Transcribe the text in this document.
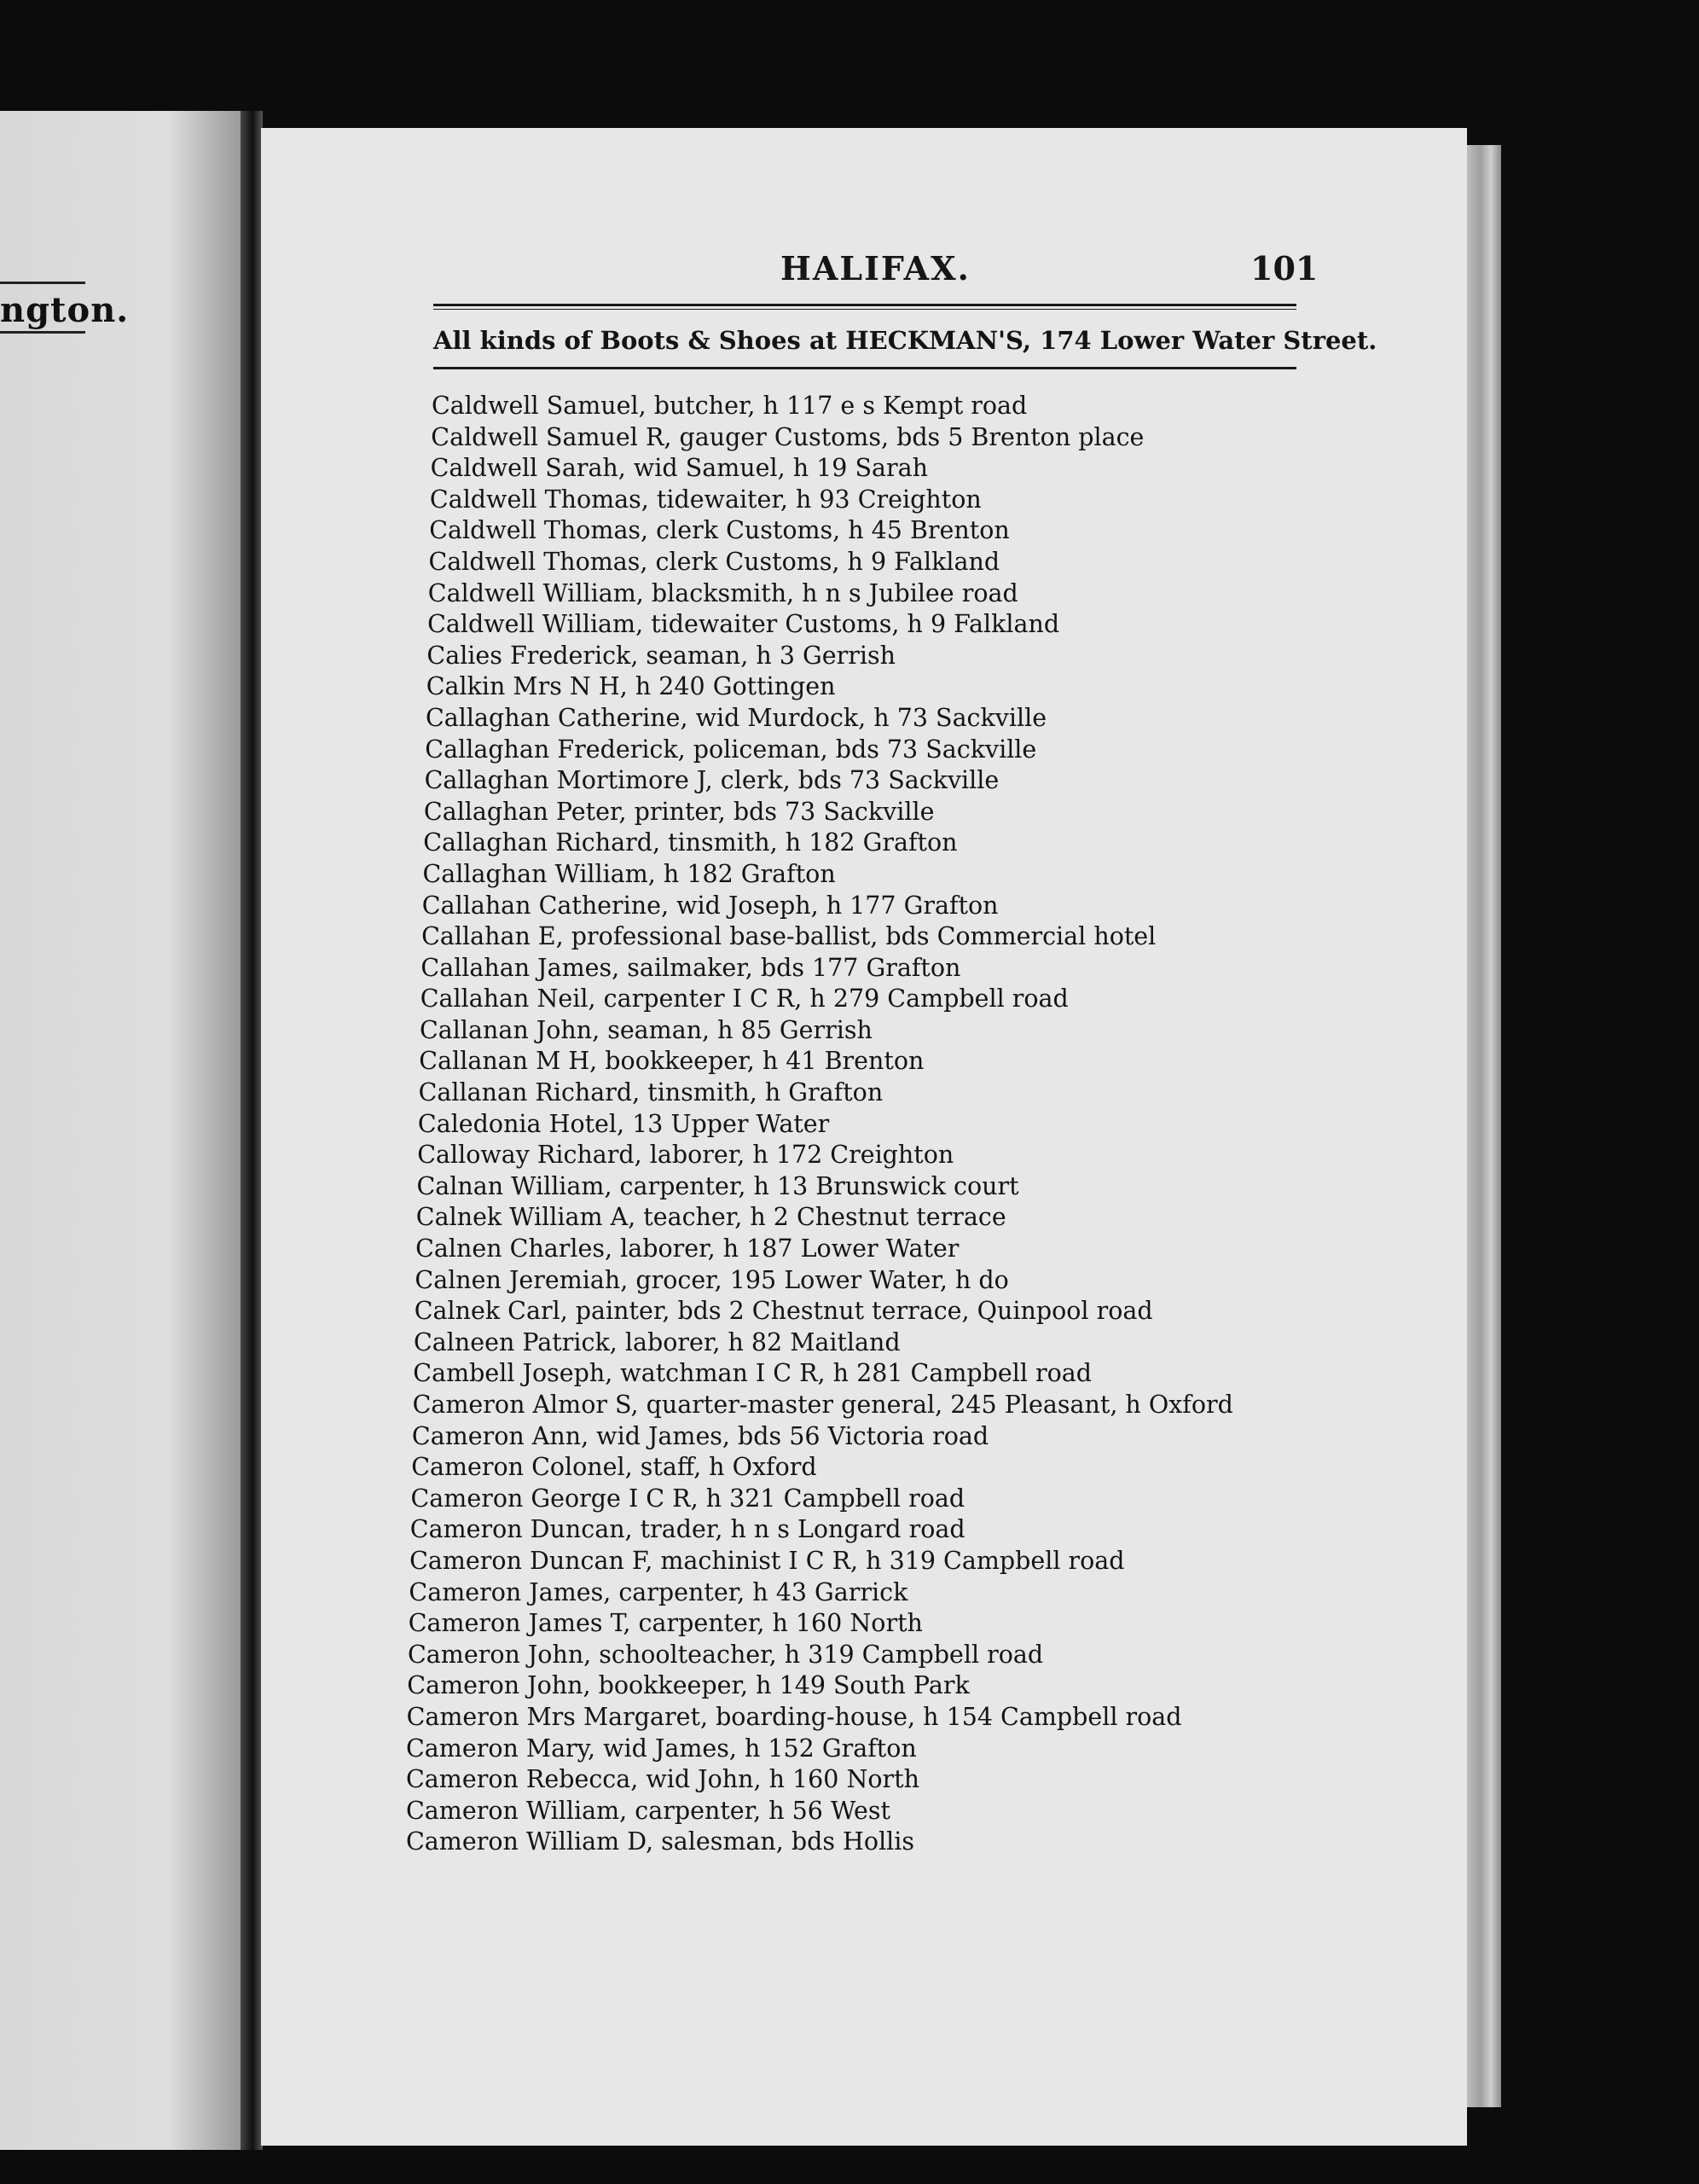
ngton.
HALIFAX.	101
All kinds of Boots & Shoes at HECKMAN'S, 174 Lower Water Street.
Caldwell Samuel, butcher, h 117 e s Kempt road
Caldwell Samuel R, gauger Customs, bds 5 Brenton place
Caldwell Sarah, wid Samuel, h 19 Sarah
Caldwell Thomas, tidewaiter, h 93 Creighton
Caldwell Thomas, clerk Customs, h 45 Brenton
Caldwell Thomas, clerk Customs, h 9 Falkland
Caldwell William, blacksmith, h n s Jubilee road
Caldwell William, tidewaiter Customs, h 9 Falkland
Calies Frederick, seaman, h 3 Gerrish
Calkin Mrs N H, h 240 Gottingen
Callaghan Catherine, wid Murdock, h 73 Sackville
Callaghan Frederick, policeman, bds 73 Sackville
Callaghan Mortimore J, clerk, bds 73 Sackville
Callaghan Peter, printer, bds 73 Sackville
Callaghan Richard, tinsmith, h 182 Grafton
Callaghan William, h 182 Grafton
Callahan Catherine, wid Joseph, h 177 Grafton
Callahan E, professional base-ballist, bds Commercial hotel
Callahan James, sailmaker, bds 177 Grafton
Callahan Neil, carpenter I C R, h 279 Campbell road
Callanan John, seaman, h 85 Gerrish
Callanan M H, bookkeeper, h 41 Brenton
Callanan Richard, tinsmith, h Grafton
Caledonia Hotel, 13 Upper Water
Calloway Richard, laborer, h 172 Creighton
Calnan William, carpenter, h 13 Brunswick court
Calnek William A, teacher, h 2 Chestnut terrace
Calnen Charles, laborer, h 187 Lower Water
Calnen Jeremiah, grocer, 195 Lower Water, h do
Calnek Carl, painter, bds 2 Chestnut terrace, Quinpool road
Calneen Patrick, laborer, h 82 Maitland
Cambell Joseph, watchman I C R, h 281 Campbell road
Cameron Almor S, quarter-master general, 245 Pleasant, h Oxford
Cameron Ann, wid James, bds 56 Victoria road
Cameron Colonel, staff, h Oxford
Cameron George I C R, h 321 Campbell road
Cameron Duncan, trader, h n s Longard road
Cameron Duncan F, machinist I C R, h 319 Campbell road
Cameron James, carpenter, h 43 Garrick
Cameron James T, carpenter, h 160 North
Cameron John, schoolteacher, h 319 Campbell road
Cameron John, bookkeeper, h 149 South Park
Cameron Mrs Margaret, boarding-house, h 154 Campbell road
Cameron Mary, wid James, h 152 Grafton
Cameron Rebecca, wid John, h 160 North
Cameron William, carpenter, h 56 West
Cameron William D, salesman, bds Hollis
